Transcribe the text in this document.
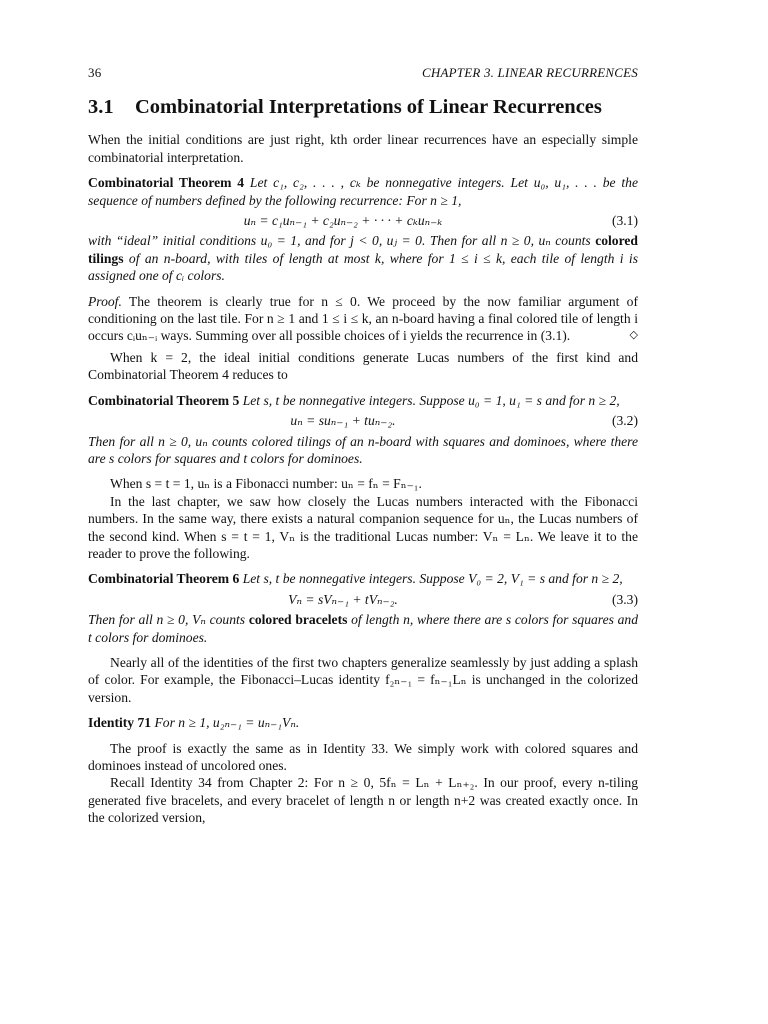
36	CHAPTER 3. LINEAR RECURRENCES
3.1	Combinatorial Interpretations of Linear Recurrences

When the initial conditions are just right, kth order linear recurrences have an especially simple combinatorial interpretation.

Combinatorial Theorem 4 Let c₁, c₂, . . . , cₖ be nonnegative integers. Let u₀, u₁, . . . be the sequence of numbers defined by the following recurrence: For n ≥ 1,
uₙ = c₁uₙ₋₁ + c₂uₙ₋₂ + · · · + cₖuₙ₋ₖ	(3.1)
with “ideal” initial conditions u₀ = 1, and for j < 0, uⱼ = 0. Then for all n ≥ 0, uₙ counts colored tilings of an n-board, with tiles of length at most k, where for 1 ≤ i ≤ k, each tile of length i is assigned one of cᵢ colors.

Proof. The theorem is clearly true for n ≤ 0. We proceed by the now familiar argument of conditioning on the last tile. For n ≥ 1 and 1 ≤ i ≤ k, an n-board having a final colored tile of length i occurs cᵢuₙ₋ᵢ ways. Summing over all possible choices of i yields the recurrence in (3.1).	◇

When k = 2, the ideal initial conditions generate Lucas numbers of the first kind and Combinatorial Theorem 4 reduces to

Combinatorial Theorem 5 Let s, t be nonnegative integers. Suppose u₀ = 1, u₁ = s and for n ≥ 2,
uₙ = suₙ₋₁ + tuₙ₋₂.	(3.2)
Then for all n ≥ 0, uₙ counts colored tilings of an n-board with squares and dominoes, where there are s colors for squares and t colors for dominoes.

When s = t = 1, uₙ is a Fibonacci number: uₙ = fₙ = Fₙ₋₁.

In the last chapter, we saw how closely the Lucas numbers interacted with the Fibonacci numbers. In the same way, there exists a natural companion sequence for uₙ, the Lucas numbers of the second kind. When s = t = 1, Vₙ is the traditional Lucas number: Vₙ = Lₙ. We leave it to the reader to prove the following.

Combinatorial Theorem 6 Let s, t be nonnegative integers. Suppose V₀ = 2, V₁ = s and for n ≥ 2,
Vₙ = sVₙ₋₁ + tVₙ₋₂.	(3.3)
Then for all n ≥ 0, Vₙ counts colored bracelets of length n, where there are s colors for squares and t colors for dominoes.

Nearly all of the identities of the first two chapters generalize seamlessly by just adding a splash of color. For example, the Fibonacci–Lucas identity f₂ₙ₋₁ = fₙ₋₁Lₙ is unchanged in the colorized version.

Identity 71 For n ≥ 1, u₂ₙ₋₁ = uₙ₋₁Vₙ.

The proof is exactly the same as in Identity 33. We simply work with colored squares and dominoes instead of uncolored ones.

Recall Identity 34 from Chapter 2: For n ≥ 0, 5fₙ = Lₙ + Lₙ₊₂. In our proof, every n-tiling generated five bracelets, and every bracelet of length n or length n+2 was created exactly once. In the colorized version,
